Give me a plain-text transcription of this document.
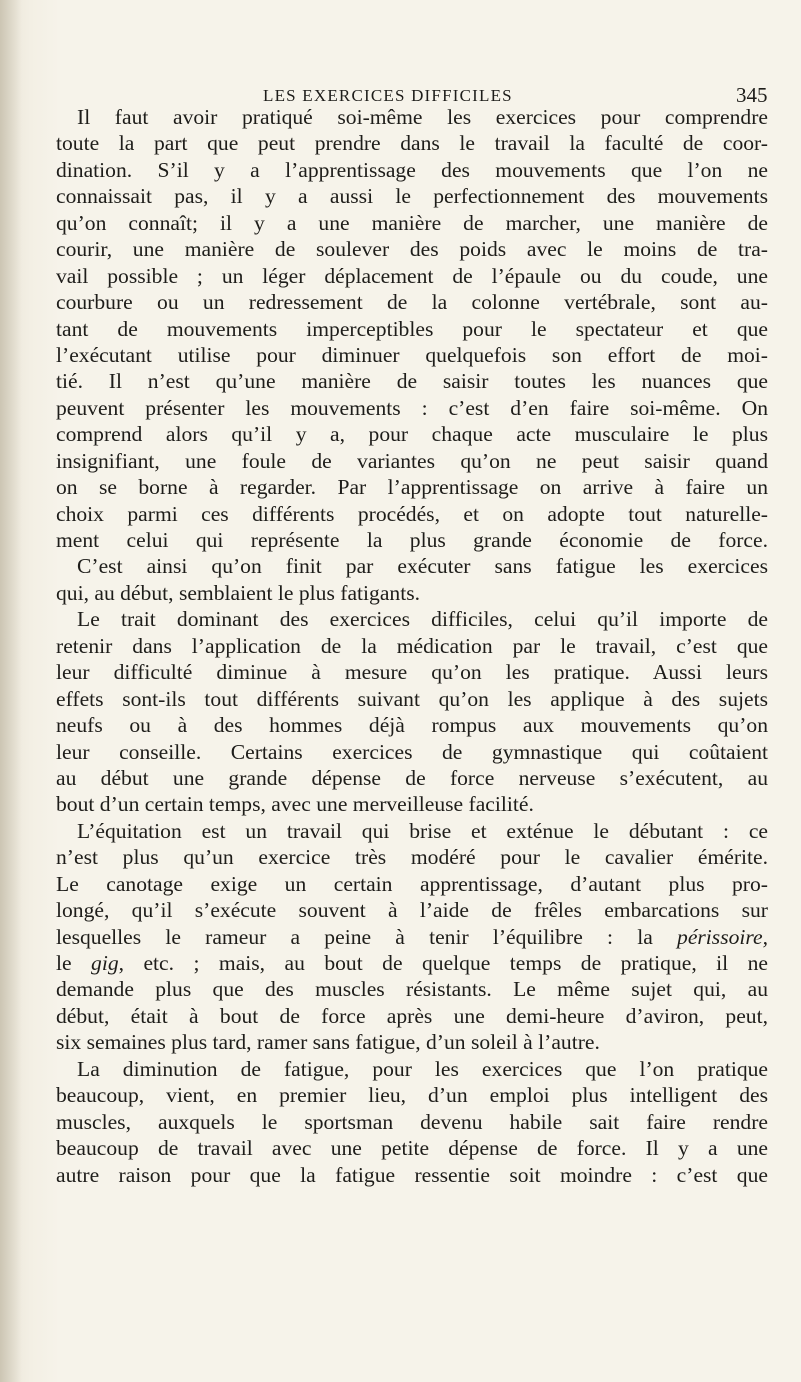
LES EXERCICES DIFFICILES	345
Il faut avoir pratiqué soi-même les exercices pour comprendre
toute la part que peut prendre dans le travail la faculté de coor-
dination. S’il y a l’apprentissage des mouvements que l’on ne
connaissait pas, il y a aussi le perfectionnement des mouvements
qu’on connaît; il y a une manière de marcher, une manière de
courir, une manière de soulever des poids avec le moins de tra-
vail possible ; un léger déplacement de l’épaule ou du coude, une
courbure ou un redressement de la colonne vertébrale, sont au-
tant de mouvements imperceptibles pour le spectateur et que
l’exécutant utilise pour diminuer quelquefois son effort de moi-
tié. Il n’est qu’une manière de saisir toutes les nuances que
peuvent présenter les mouvements : c’est d’en faire soi-même. On
comprend alors qu’il y a, pour chaque acte musculaire le plus
insignifiant, une foule de variantes qu’on ne peut saisir quand
on se borne à regarder. Par l’apprentissage on arrive à faire un
choix parmi ces différents procédés, et on adopte tout naturelle-
ment celui qui représente la plus grande économie de force.
C’est ainsi qu’on finit par exécuter sans fatigue les exercices
qui, au début, semblaient le plus fatigants.
Le trait dominant des exercices difficiles, celui qu’il importe de
retenir dans l’application de la médication par le travail, c’est que
leur difficulté diminue à mesure qu’on les pratique. Aussi leurs
effets sont-ils tout différents suivant qu’on les applique à des sujets
neufs ou à des hommes déjà rompus aux mouvements qu’on
leur conseille. Certains exercices de gymnastique qui coûtaient
au début une grande dépense de force nerveuse s’exécutent, au
bout d’un certain temps, avec une merveilleuse facilité.
L’équitation est un travail qui brise et exténue le débutant : ce
n’est plus qu’un exercice très modéré pour le cavalier émérite.
Le canotage exige un certain apprentissage, d’autant plus pro-
longé, qu’il s’exécute souvent à l’aide de frêles embarcations sur
lesquelles le rameur a peine à tenir l’équilibre : la périssoire,
le gig, etc. ; mais, au bout de quelque temps de pratique, il ne
demande plus que des muscles résistants. Le même sujet qui, au
début, était à bout de force après une demi-heure d’aviron, peut,
six semaines plus tard, ramer sans fatigue, d’un soleil à l’autre.
La diminution de fatigue, pour les exercices que l’on pratique
beaucoup, vient, en premier lieu, d’un emploi plus intelligent des
muscles, auxquels le sportsman devenu habile sait faire rendre
beaucoup de travail avec une petite dépense de force. Il y a une
autre raison pour que la fatigue ressentie soit moindre : c’est que
